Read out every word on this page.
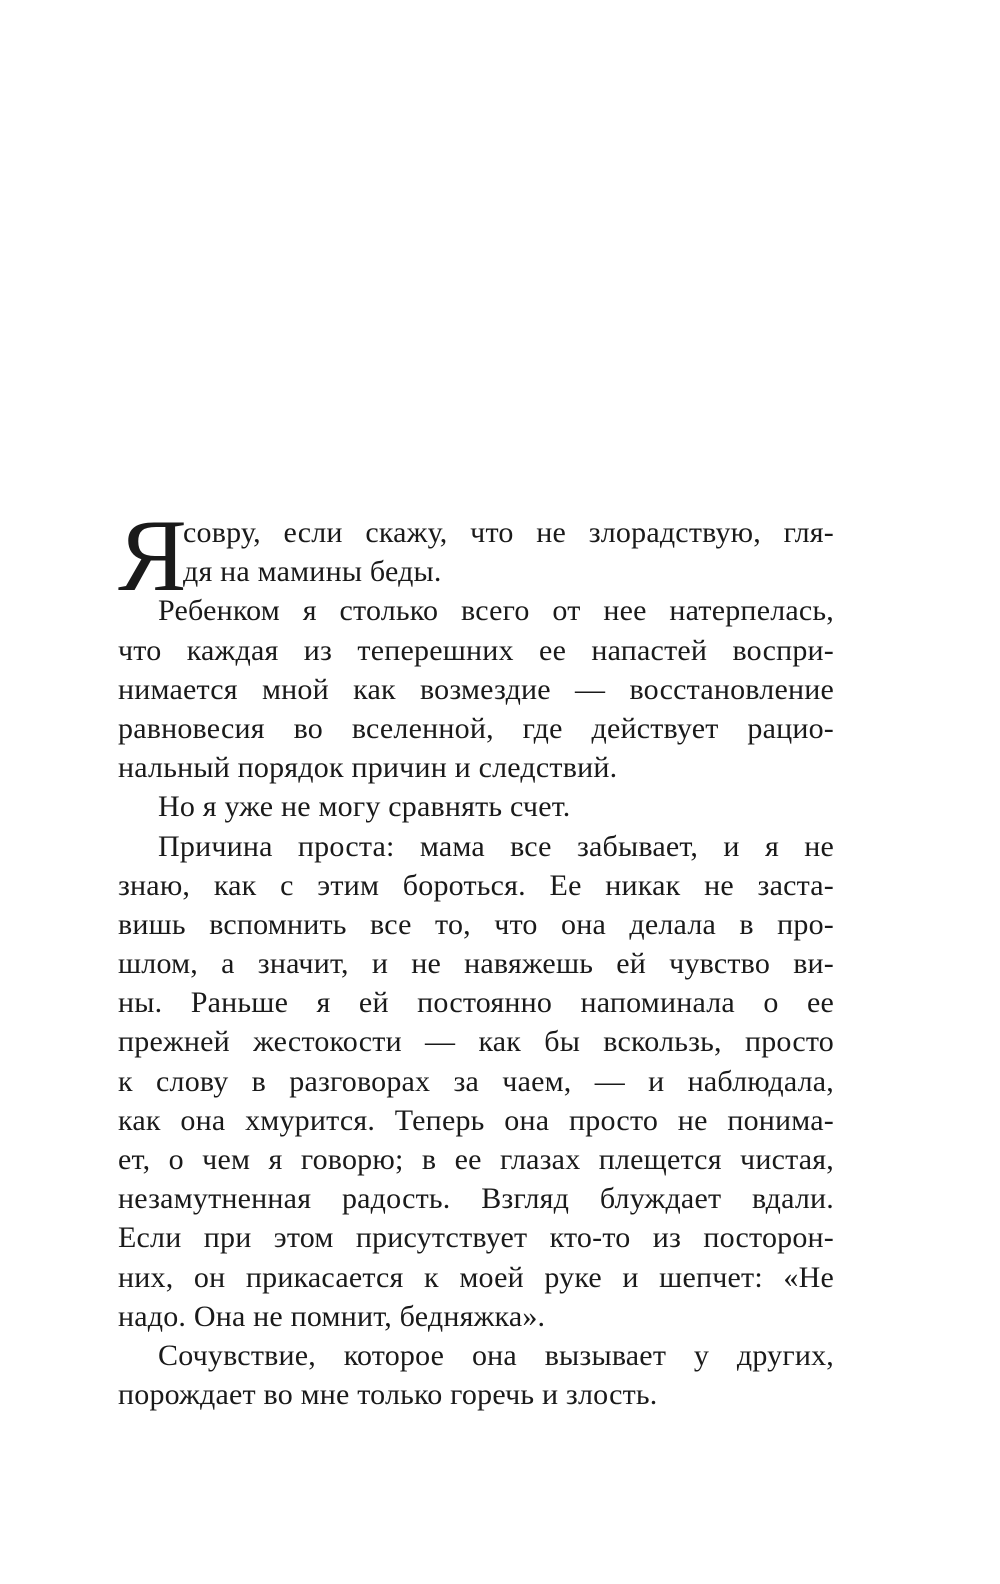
Я
совру, если скажу, что не злорадствую, гля-
дя на мамины беды.
Ребенком я столько всего от нее натерпелась,
что каждая из теперешних ее напастей воспри-
нимается мной как возмездие — восстановление
равновесия во вселенной, где действует рацио-
нальный порядок причин и следствий.
Но я уже не могу сравнять счет.
Причина проста: мама все забывает, и я не
знаю, как с этим бороться. Ее никак не заста-
вишь вспомнить все то, что она делала в про-
шлом, а значит, и не навяжешь ей чувство ви-
ны. Раньше я ей постоянно напоминала о ее
прежней жестокости — как бы вскользь, просто
к слову в разговорах за чаем, — и наблюдала,
как она хмурится. Теперь она просто не понима-
ет, о чем я говорю; в ее глазах плещется чистая,
незамутненная радость. Взгляд блуждает вдали.
Если при этом присутствует кто-то из посторон-
них, он прикасается к моей руке и шепчет: «Не
надо. Она не помнит, бедняжка».
Сочувствие, которое она вызывает у других,
порождает во мне только горечь и злость.
